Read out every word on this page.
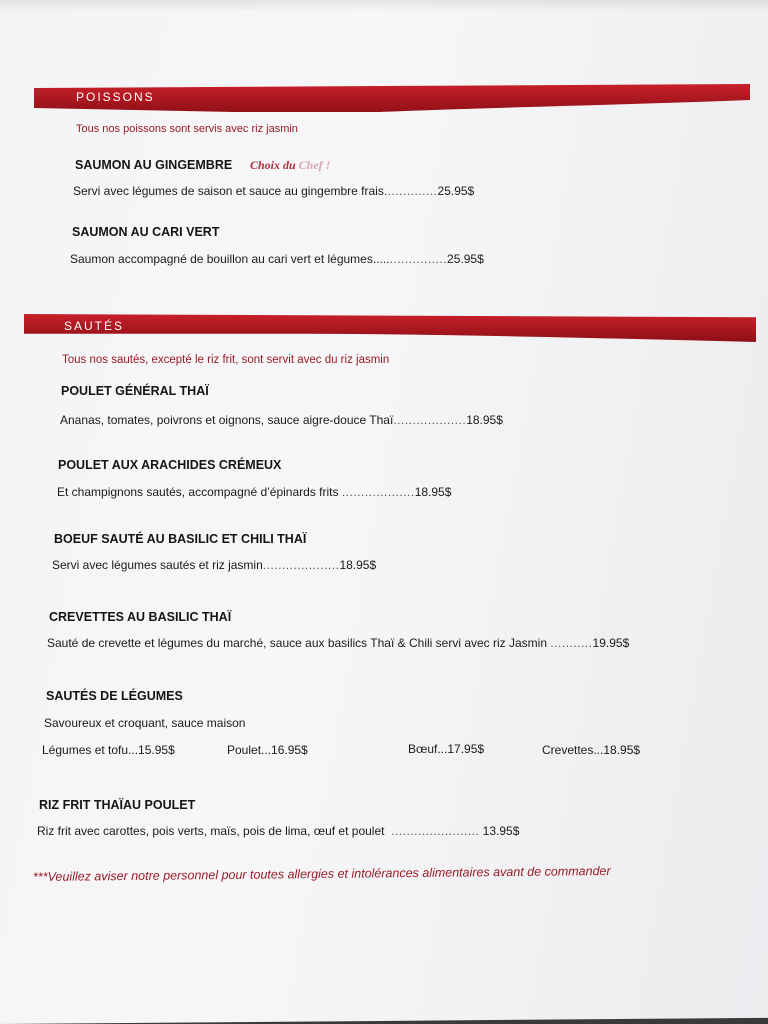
POISSONS
Tous nos poissons sont servis avec riz jasmin
SAUMON AU GINGEMBRE Choix du Chef !
Servi avec légumes de saison et sauce au gingembre frais..............25.95$
SAUMON AU CARI VERT
Saumon accompagné de bouillon au cari vert et légumes....................25.95$
SAUTÉS
Tous nos sautés, excepté le riz frit, sont servit avec du riz jasmin
POULET GÉNÉRAL THAÏ
Ananas, tomates, poivrons et oignons, sauce aigre-douce Thaï...................18.95$
POULET AUX ARACHIDES CRÉMEUX
Et champignons sautés, accompagné d’épinards frits ...................18.95$
BOEUF SAUTÉ AU BASILIC ET CHILI THAÏ
Servi avec légumes sautés et riz jasmin....................18.95$
CREVETTES AU BASILIC THAÏ
Sauté de crevette et légumes du marché, sauce aux basilics Thaï & Chili servi avec riz Jasmin ...........19.95$
SAUTÉS DE LÉGUMES
Savoureux et croquant, sauce maison
Légumes et tofu...15.95$	Poulet...16.95$	Bœuf...17.95$	Crevettes...18.95$
RIZ FRIT THAÏAU POULET
Riz frit avec carottes, pois verts, maïs, pois de lima, œuf et poulet ....................... 13.95$
***Veuillez aviser notre personnel pour toutes allergies et intolérances alimentaires avant de commander
